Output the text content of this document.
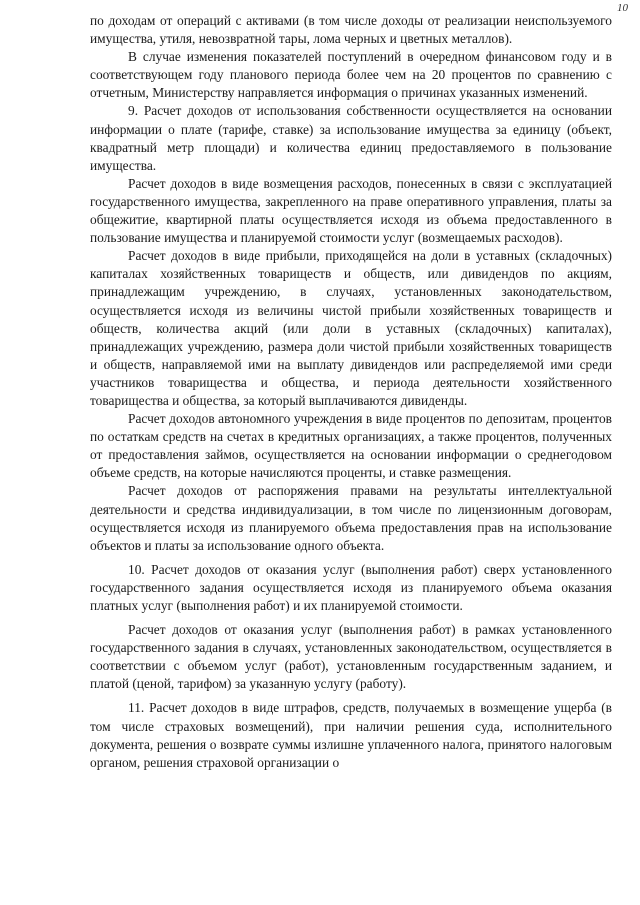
10

по доходам от операций с активами (в том числе доходы от реализации неиспользуемого имущества, утиля, невозвратной тары, лома черных и цветных металлов).

В случае изменения показателей поступлений в очередном финансовом году и в соответствующем году планового периода более чем на 20 процентов по сравнению с отчетным, Министерству направляется информация о причинах указанных изменений.

9. Расчет доходов от использования собственности осуществляется на основании информации о плате (тарифе, ставке) за использование имущества за единицу (объект, квадратный метр площади) и количества единиц предоставляемого в пользование имущества.

Расчет доходов в виде возмещения расходов, понесенных в связи с эксплуатацией государственного имущества, закрепленного на праве оперативного управления, платы за общежитие, квартирной платы осуществляется исходя из объема предоставленного в пользование имущества и планируемой стоимости услуг (возмещаемых расходов).

Расчет доходов в виде прибыли, приходящейся на доли в уставных (складочных) капиталах хозяйственных товариществ и обществ, или дивидендов по акциям, принадлежащим учреждению, в случаях, установленных законодательством, осуществляется исходя из величины чистой прибыли хозяйственных товариществ и обществ, количества акций (или доли в уставных (складочных) капиталах), принадлежащих учреждению, размера доли чистой прибыли хозяйственных товариществ и обществ, направляемой ими на выплату дивидендов или распределяемой ими среди участников товарищества и общества, и периода деятельности хозяйственного товарищества и общества, за который выплачиваются дивиденды.

Расчет доходов автономного учреждения в виде процентов по депозитам, процентов по остаткам средств на счетах в кредитных организациях, а также процентов, полученных от предоставления займов, осуществляется на основании информации о среднегодовом объеме средств, на которые начисляются проценты, и ставке размещения.

Расчет доходов от распоряжения правами на результаты интеллектуальной деятельности и средства индивидуализации, в том числе по лицензионным договорам, осуществляется исходя из планируемого объема предоставления прав на использование объектов и платы за использование одного объекта.

10. Расчет доходов от оказания услуг (выполнения работ) сверх установленного государственного задания осуществляется исходя из планируемого объема оказания платных услуг (выполнения работ) и их планируемой стоимости.

Расчет доходов от оказания услуг (выполнения работ) в рамках установленного государственного задания в случаях, установленных законодательством, осуществляется в соответствии с объемом услуг (работ), установленным государственным заданием, и платой (ценой, тарифом) за указанную услугу (работу).

11. Расчет доходов в виде штрафов, средств, получаемых в возмещение ущерба (в том числе страховых возмещений), при наличии решения суда, исполнительного документа, решения о возврате суммы излишне уплаченного налога, принятого налоговым органом, решения страховой организации о
